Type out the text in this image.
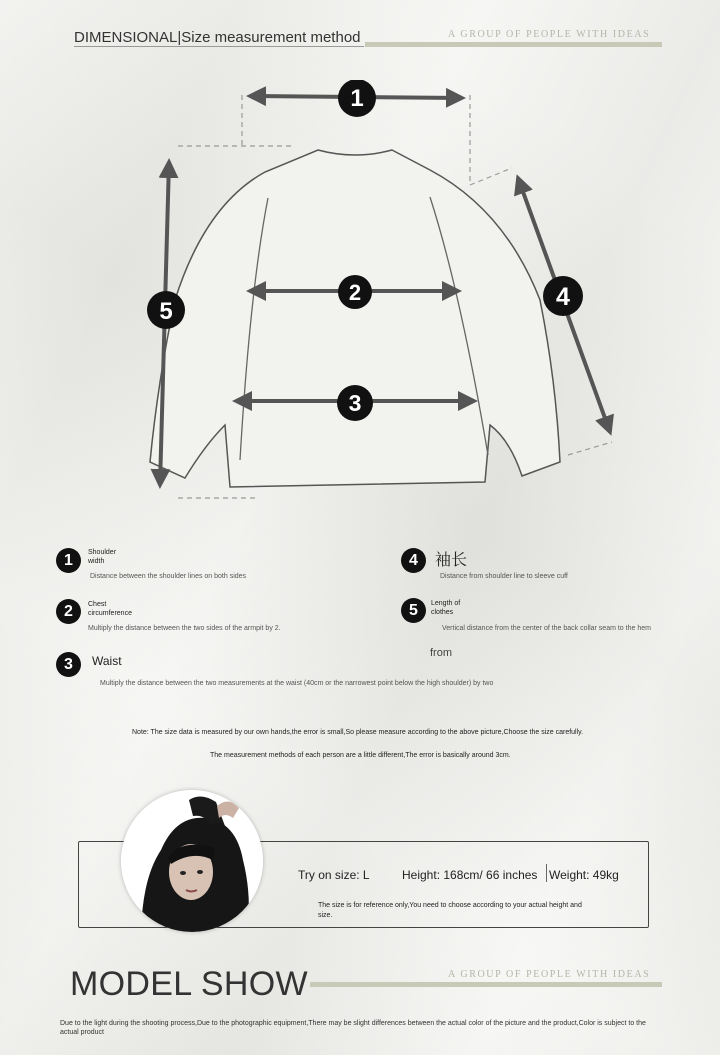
DIMENSIONAL|Size measurement method	A GROUP OF PEOPLE WITH IDEAS
1
2
3
4
5
1	Shoulder width
Distance between the shoulder lines on both sides
2	Chest circumference
Multiply the distance between the two sides of the armpit by 2.
3	Waist
Multiply the distance between the two measurements at the waist (40cm or the narrowest point below the high shoulder) by two
4	袖长
Distance from shoulder line to sleeve cuff
5	Length of clothes
Vertical distance from the center of the back collar seam to the hem
from
Note: The size data is measured by our own hands,the error is small,So please measure according to the above picture,Choose the size carefully.
The measurement methods of each person are a little different,The error is basically around 3cm.
Try on size: L	Height: 168cm/ 66 inches Weight: 49kg
The size is for reference only,You need to choose according to your actual height and size.
MODEL SHOW	A GROUP OF PEOPLE WITH IDEAS
Due to the light during the shooting process,Due to the photographic equipment,There may be slight differences between the actual color of the picture and the product,Color is subject to the actual product
